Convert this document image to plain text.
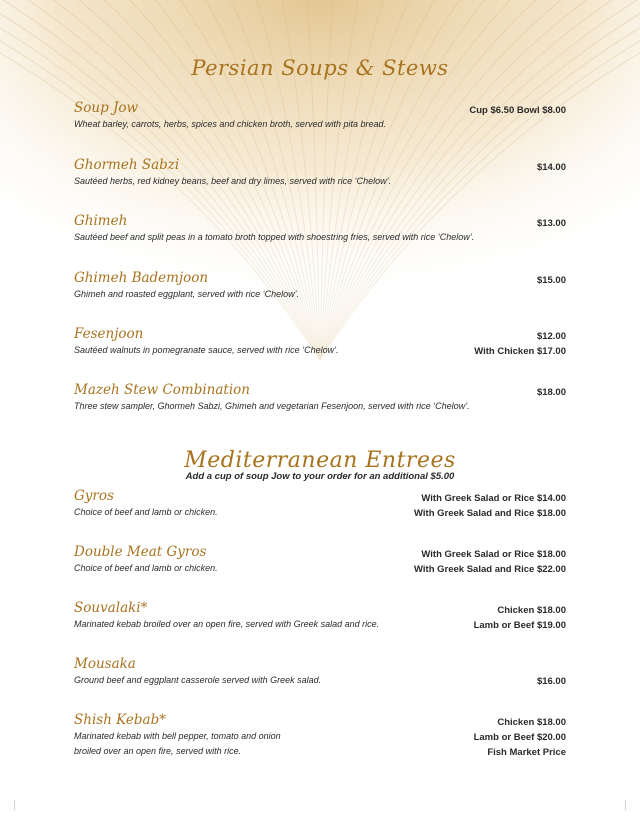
Persian Soups & Stews
Soup Jow
Wheat barley, carrots, herbs, spices and chicken broth, served with pita bread.
Cup $6.50 Bowl $8.00
Ghormeh Sabzi
Sautéed herbs, red kidney beans, beef and dry limes, served with rice ‘Chelow’.
$14.00
Ghimeh
Sautéed beef and split peas in a tomato broth topped with shoestring fries, served with rice ‘Chelow’.
$13.00
Ghimeh Bademjoon
Ghimeh and roasted eggplant, served with rice ‘Chelow’.
$15.00
Fesenjoon
Sautéed walnuts in pomegranate sauce, served with rice ‘Chelow’.
$12.00
With Chicken $17.00
Mazeh Stew Combination
Three stew sampler, Ghormeh Sabzi, Ghimeh and vegetarian Fesenjoon, served with rice ‘Chelow’.
$18.00
Mediterranean Entrees
Add a cup of soup Jow to your order for an additional $5.00
Gyros
Choice of beef and lamb or chicken.
With Greek Salad or Rice $14.00
With Greek Salad and Rice $18.00
Double Meat Gyros
Choice of beef and lamb or chicken.
With Greek Salad or Rice $18.00
With Greek Salad and Rice $22.00
Souvalaki*
Marinated kebab broiled over an open fire, served with Greek salad and rice.
Chicken $18.00
Lamb or Beef $19.00
Mousaka
Ground beef and eggplant casserole served with Greek salad.
	$16.00
Shish Kebab*
Marinated kebab with bell pepper, tomato and onion
broiled over an open fire, served with rice.
Chicken $18.00
Lamb or Beef $20.00
Fish Market Price
